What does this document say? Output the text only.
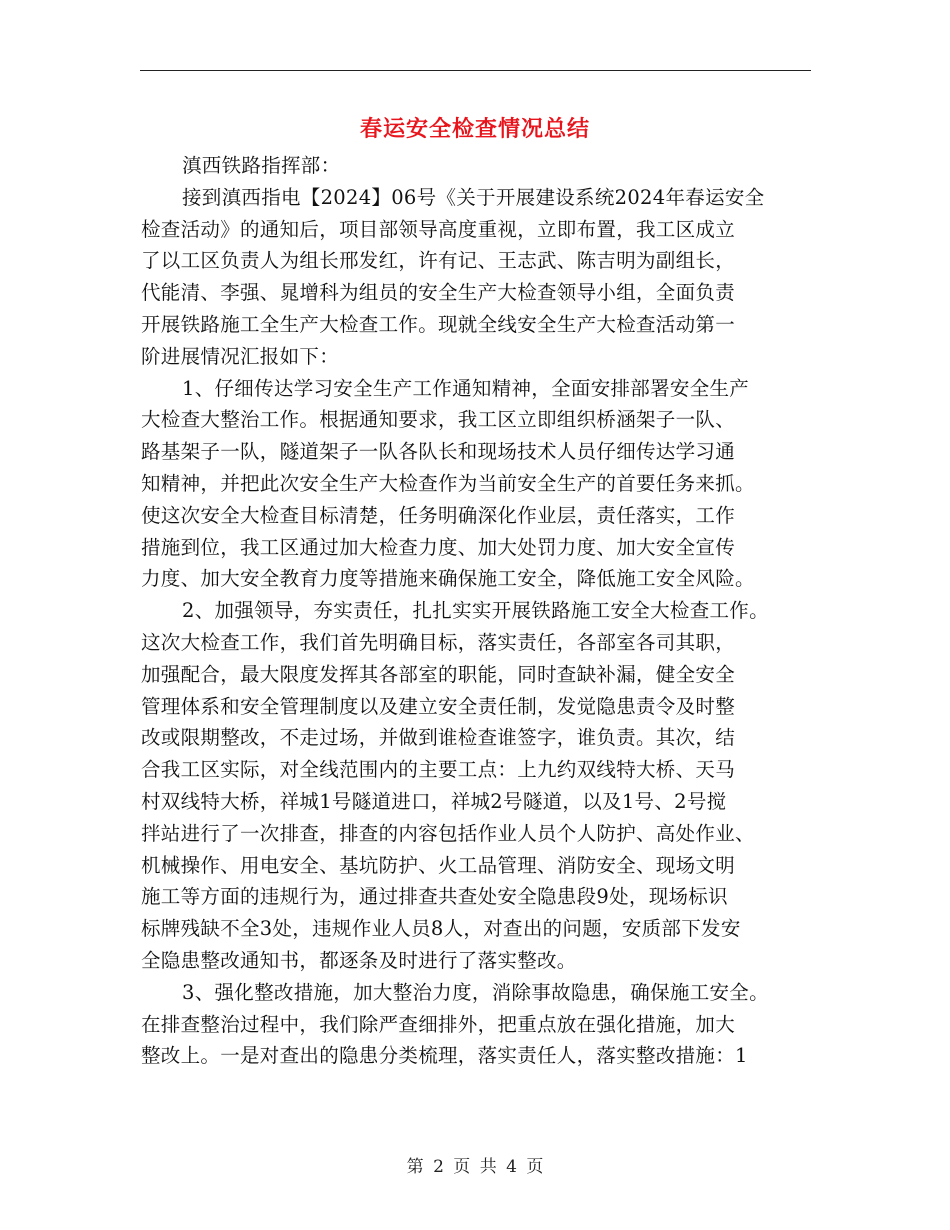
春运安全检查情况总结
滇西铁路指挥部：
接到滇西指电【2024】06号《关于开展建设系统2024年春运安全
检查活动》的通知后，项目部领导高度重视，立即布置，我工区成立
了以工区负责人为组长邢发红，许有记、王志武、陈吉明为副组长，
代能清、李强、晁增科为组员的安全生产大检查领导小组，全面负责
开展铁路施工全生产大检查工作。现就全线安全生产大检查活动第一
阶进展情况汇报如下：
1、仔细传达学习安全生产工作通知精神，全面安排部署安全生产
大检查大整治工作。根据通知要求，我工区立即组织桥涵架子一队、
路基架子一队，隧道架子一队各队长和现场技术人员仔细传达学习通
知精神，并把此次安全生产大检查作为当前安全生产的首要任务来抓。
使这次安全大检查目标清楚，任务明确深化作业层，责任落实，工作
措施到位，我工区通过加大检查力度、加大处罚力度、加大安全宣传
力度、加大安全教育力度等措施来确保施工安全，降低施工安全风险。
2、加强领导，夯实责任，扎扎实实开展铁路施工安全大检查工作。
这次大检查工作，我们首先明确目标，落实责任，各部室各司其职，
加强配合，最大限度发挥其各部室的职能，同时查缺补漏，健全安全
管理体系和安全管理制度以及建立安全责任制，发觉隐患责令及时整
改或限期整改，不走过场，并做到谁检查谁签字，谁负责。其次，结
合我工区实际，对全线范围内的主要工点：上九约双线特大桥、天马
村双线特大桥，祥城1号隧道进口，祥城2号隧道，以及1号、2号搅
拌站进行了一次排查，排查的内容包括作业人员个人防护、高处作业、
机械操作、用电安全、基坑防护、火工品管理、消防安全、现场文明
施工等方面的违规行为，通过排查共查处安全隐患段9处，现场标识
标牌残缺不全3处，违规作业人员8人，对查出的问题，安质部下发安
全隐患整改通知书，都逐条及时进行了落实整改。
3、强化整改措施，加大整治力度，消除事故隐患，确保施工安全。
在排查整治过程中，我们除严查细排外，把重点放在强化措施，加大
整改上。一是对查出的隐患分类梳理，落实责任人，落实整改措施：1
第 2 页 共 4 页
